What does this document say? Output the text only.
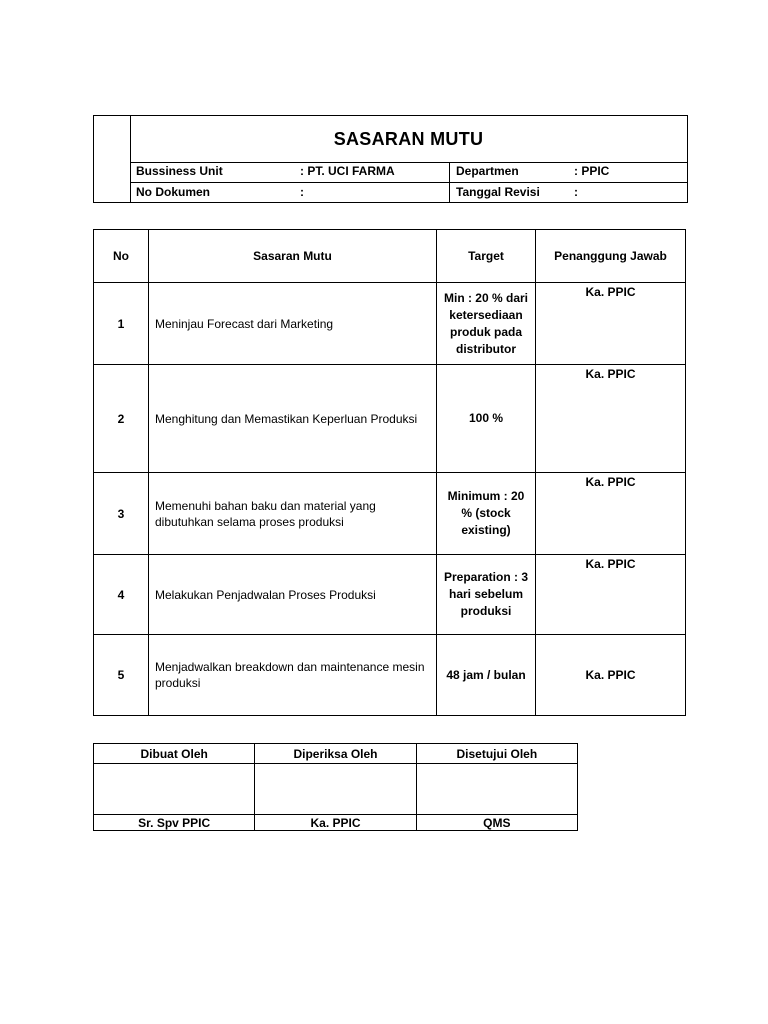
SASARAN MUTU
Bussiness Unit	: PT. UCI FARMA	Departmen	: PPIC
No Dokumen	:	Tanggal Revisi	:
No	Sasaran Mutu	Target	Penanggung Jawab
1	Meninjau Forecast dari Marketing	Min : 20 % dari ketersediaan produk pada distributor	Ka. PPIC
2	Menghitung dan Memastikan Keperluan Produksi	100 %	Ka. PPIC
3	Memenuhi bahan baku dan material yang dibutuhkan selama proses produksi	Minimum : 20 % (stock existing)	Ka. PPIC
4	Melakukan Penjadwalan Proses Produksi	Preparation : 3 hari sebelum produksi	Ka. PPIC
5	Menjadwalkan breakdown dan maintenance mesin produksi	48 jam / bulan	Ka. PPIC
Dibuat Oleh	Diperiksa Oleh	Disetujui Oleh

Sr. Spv PPIC	Ka. PPIC	QMS
